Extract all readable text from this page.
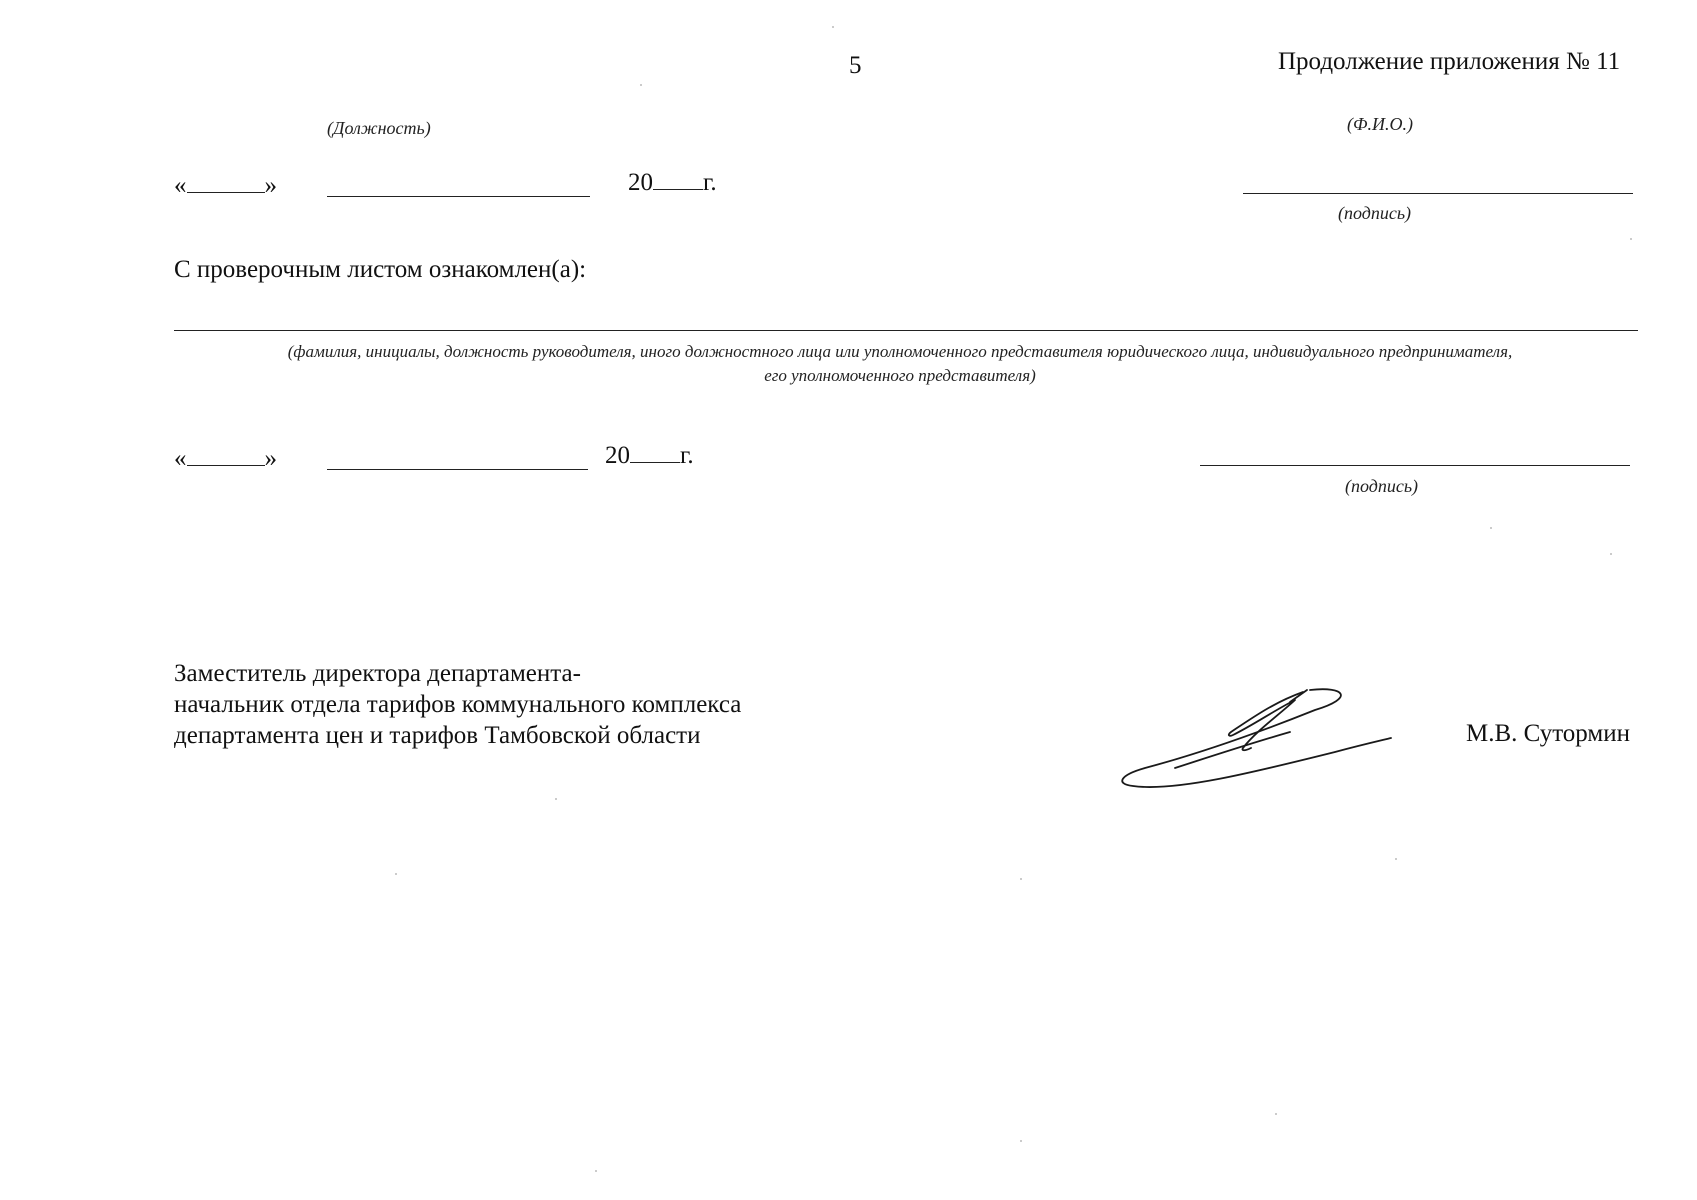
5	Продолжение приложения № 11
(Должность)	(Ф.И.О.)
«	»	20 г.
(подпись)
С проверочным листом ознакомлен(а):
(фамилия, инициалы, должность руководителя, иного должностного лица или уполномоченного представителя юридического лица, индивидуального предпринимателя,
его уполномоченного представителя)
«	»	20 г.
(подпись)
Заместитель директора департамента-
начальник отдела тарифов коммунального комплекса
департамента цен и тарифов Тамбовской области	М.В. Сутормин
